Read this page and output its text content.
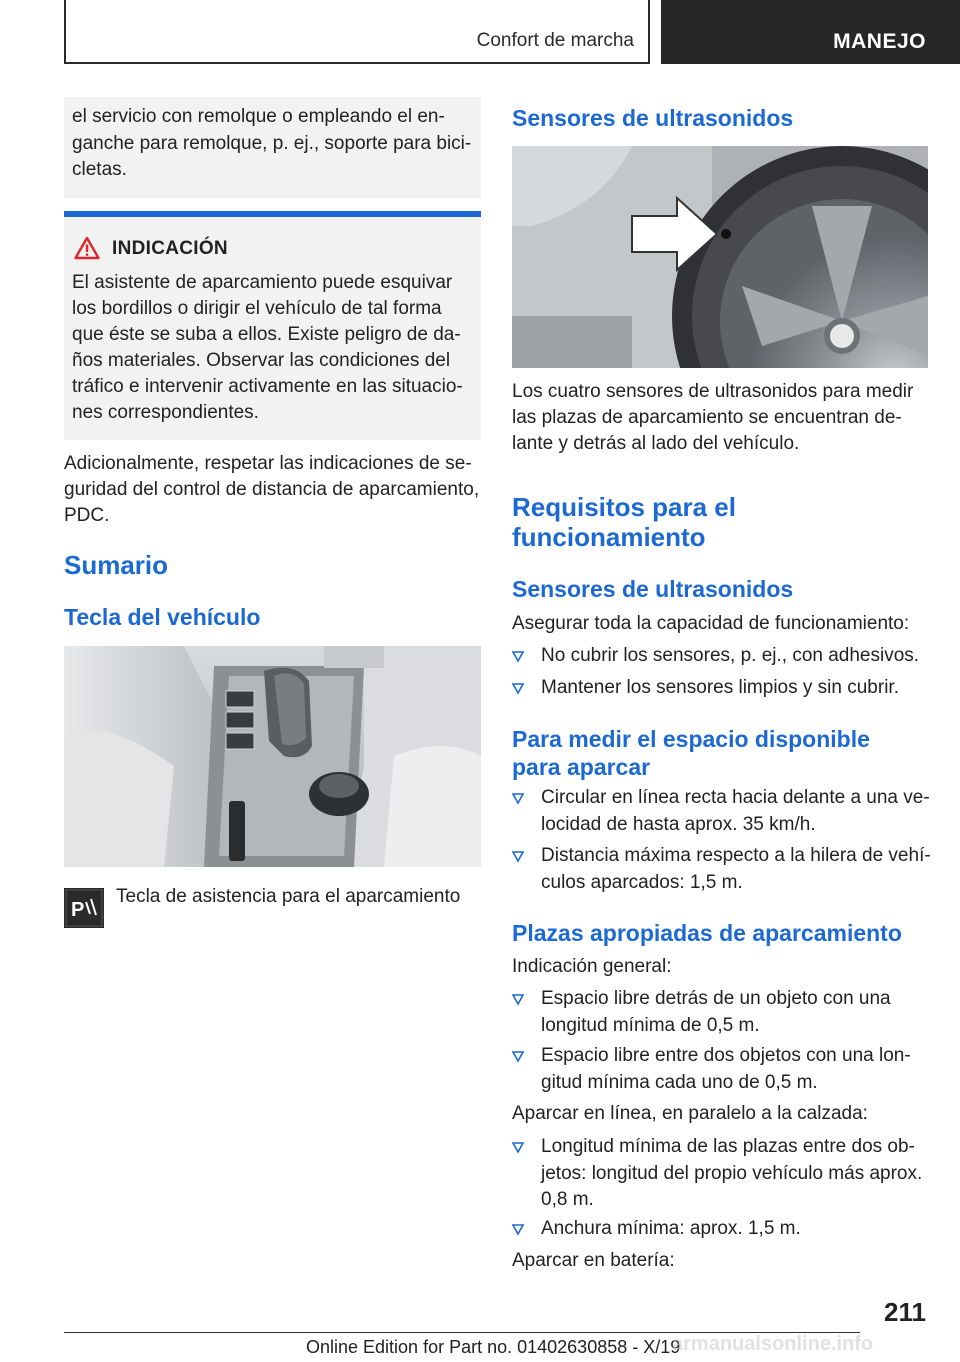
Confort de marcha	MANEJO
el servicio con remolque o empleando el en-
ganche para remolque, p. ej., soporte para bici-
cletas.
INDICACIÓN
El asistente de aparcamiento puede esquivar
los bordillos o dirigir el vehículo de tal forma
que éste se suba a ellos. Existe peligro de da-
ños materiales. Observar las condiciones del
tráfico e intervenir activamente en las situacio-
nes correspondientes.
Adicionalmente, respetar las indicaciones de se-
guridad del control de distancia de aparcamiento,
PDC.
Sumario
Tecla del vehículo
P
Tecla de asistencia para el aparcamiento
Sensores de ultrasonidos
Los cuatro sensores de ultrasonidos para medir
las plazas de aparcamiento se encuentran de-
lante y detrás al lado del vehículo.
Requisitos para el
funcionamiento
Sensores de ultrasonidos
Asegurar toda la capacidad de funcionamiento:
No cubrir los sensores, p. ej., con adhesivos.
Mantener los sensores limpios y sin cubrir.
Para medir el espacio disponible
para aparcar
Circular en línea recta hacia delante a una ve-
locidad de hasta aprox. 35 km/h.
Distancia máxima respecto a la hilera de vehí-
culos aparcados: 1,5 m.
Plazas apropiadas de aparcamiento
Indicación general:
Espacio libre detrás de un objeto con una
longitud mínima de 0,5 m.
Espacio libre entre dos objetos con una lon-
gitud mínima cada uno de 0,5 m.
Aparcar en línea, en paralelo a la calzada:
Longitud mínima de las plazas entre dos ob-
jetos: longitud del propio vehículo más aprox.
0,8 m.
Anchura mínima: aprox. 1,5 m.
Aparcar en batería:
211
Online Edition for Part no. 01402630858 - X/19
armanualsonline.info
